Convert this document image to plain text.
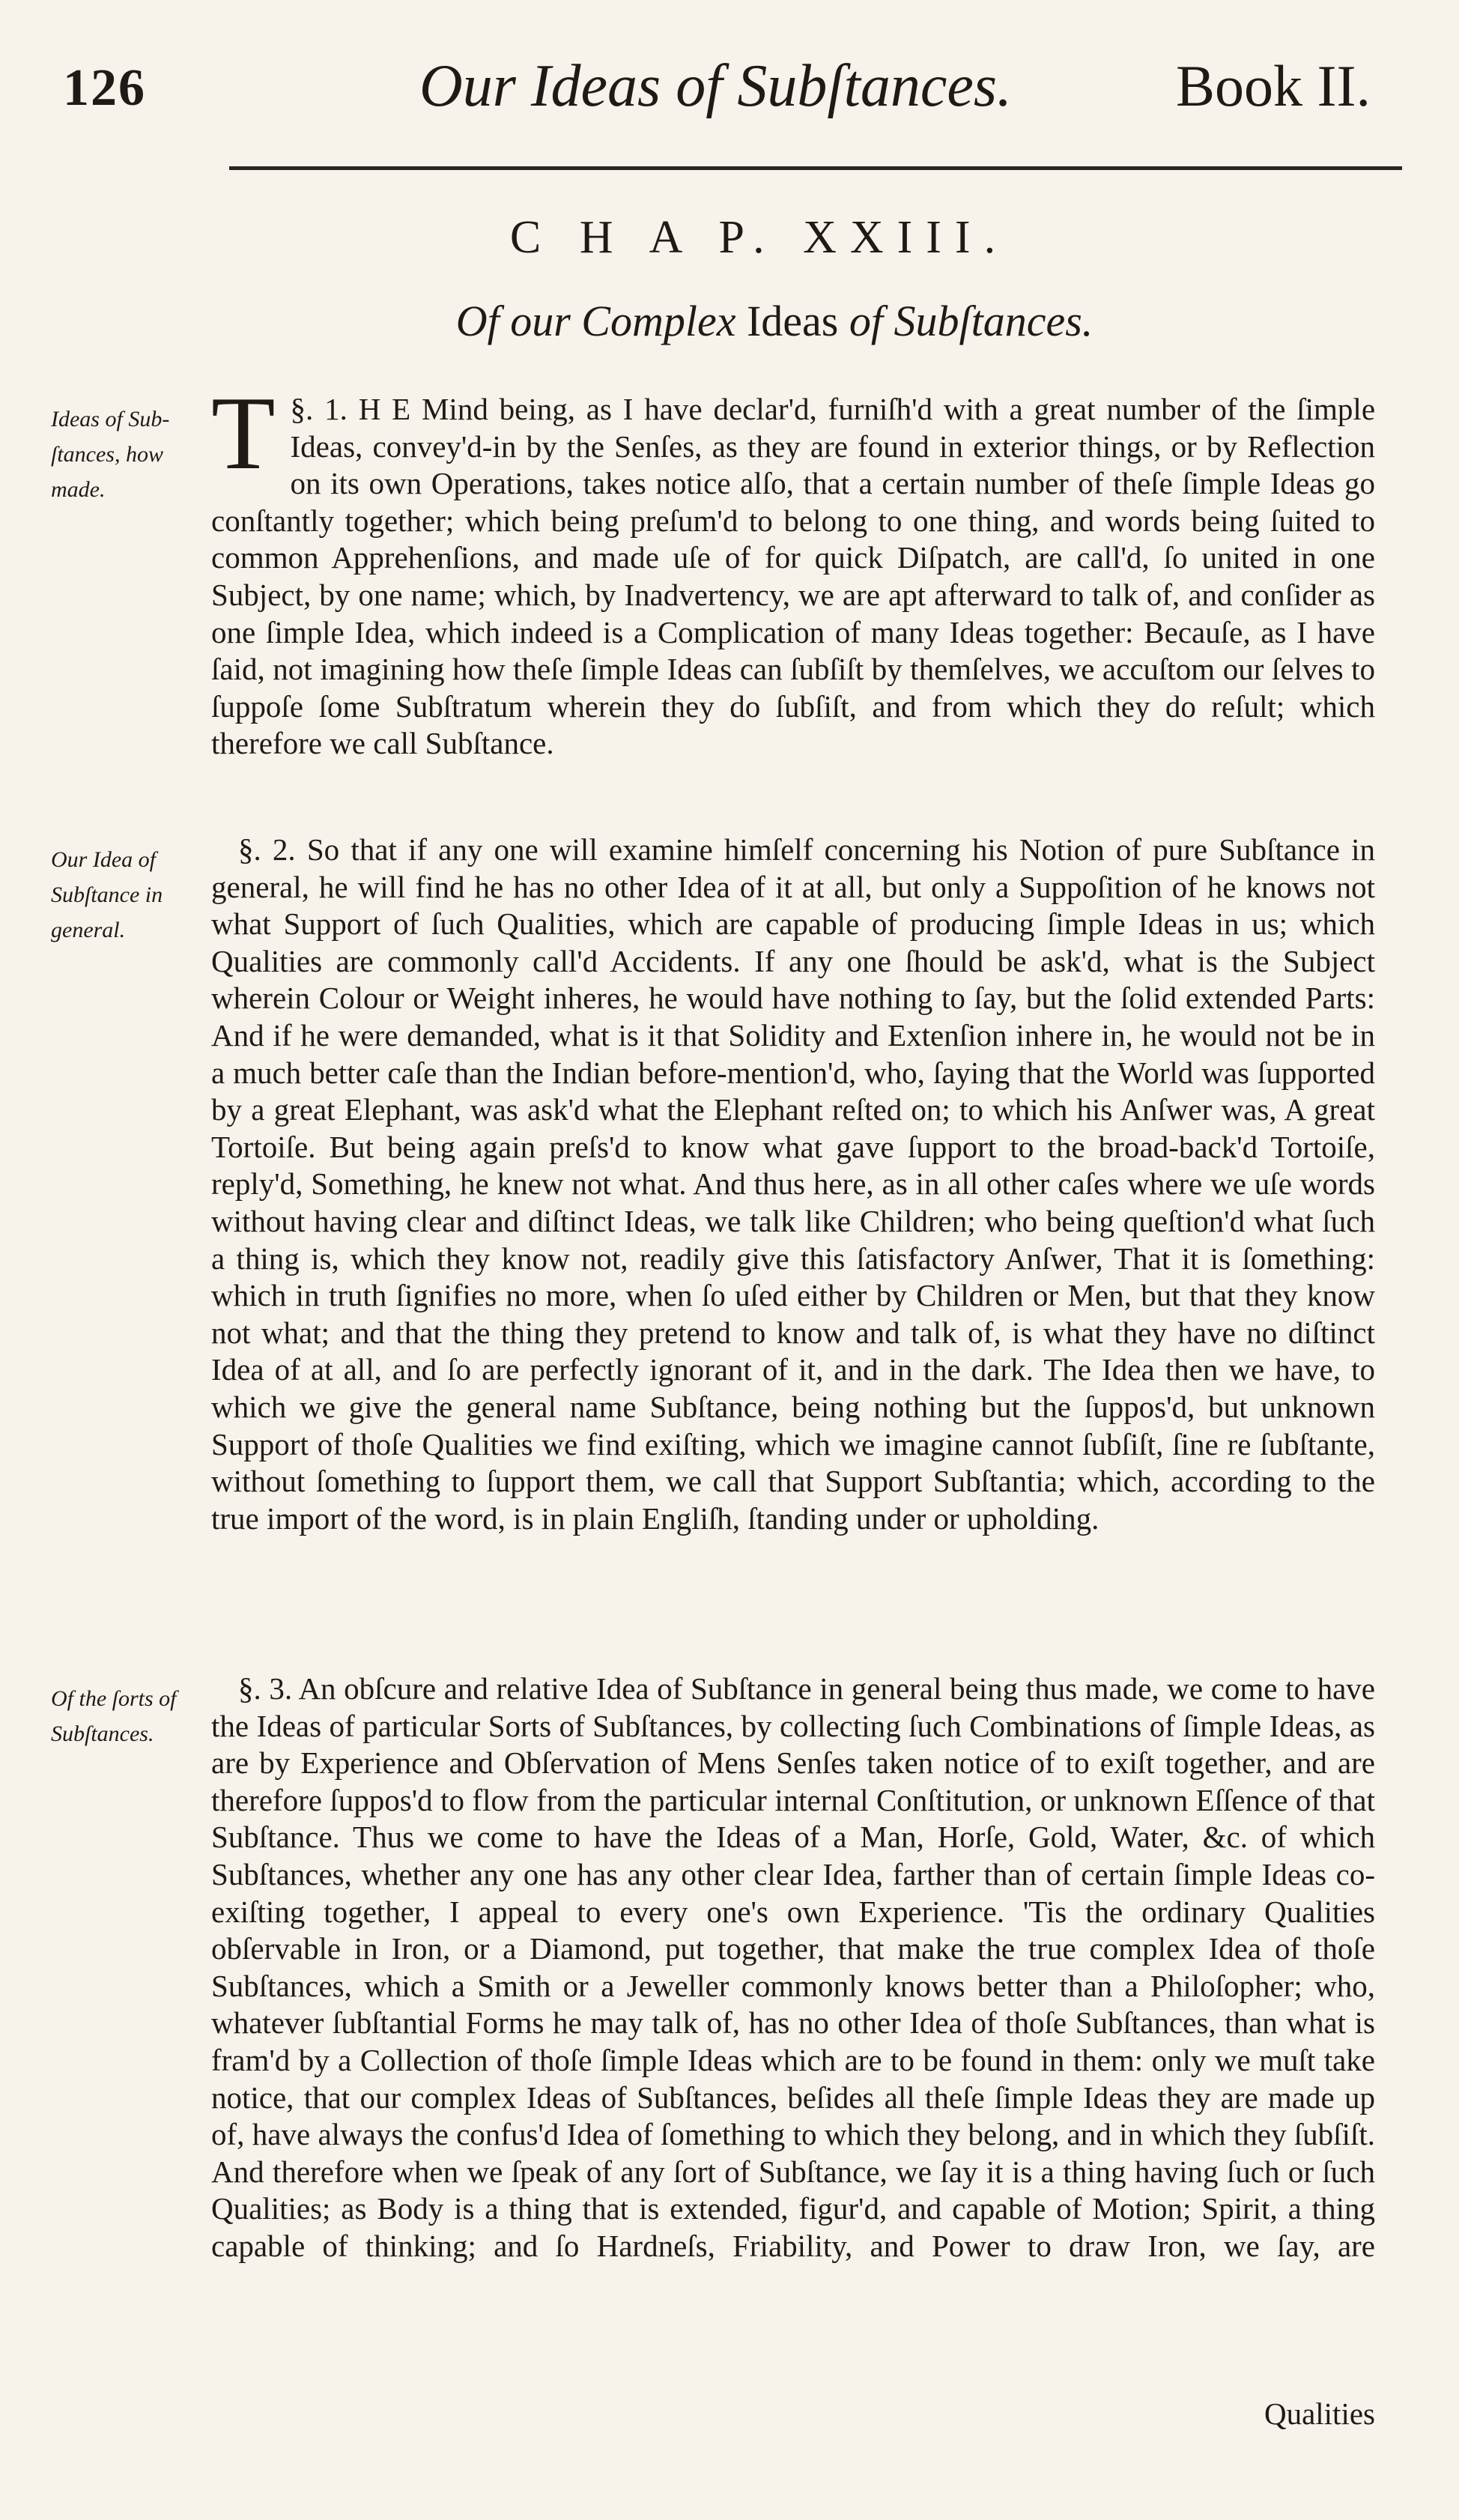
126	Our Ideas of Subſtances.	Book II.
C H A P. XXIII.
Of our Complex Ideas of Subſtances.
Ideas of Sub-ſtances, how made.
Our Idea of Subſtance in general.
Of the ſorts of Subſtances.
§. 1.
T	H E Mind being, as I have declar'd, furniſh'd with a great number of the ſimple Ideas, convey'd-in by the Senſes, as they are found in exterior things, or by Reflection on its own Operations, takes notice alſo, that a certain number of theſe ſimple Ideas go conſtantly together; which being preſum'd to belong to one thing, and words being ſuited to common Apprehenſions, and made uſe of for quick Diſpatch, are call'd, ſo united in one Subject, by one name; which, by Inadvertency, we are apt afterward to talk of, and conſider as one ſimple Idea, which indeed is a Complication of many Ideas together: Becauſe, as I have ſaid, not imagining how theſe ſimple Ideas can ſubſiſt by themſelves, we accuſtom our ſelves to ſuppoſe ſome Subſtratum wherein they do ſubſiſt, and from which they do reſult; which therefore we call Subſtance.
§. 2. So that if any one will examine himſelf concerning his Notion of pure Subſtance in general, he will find he has no other Idea of it at all, but only a Suppoſition of he knows not what Support of ſuch Qualities, which are capable of producing ſimple Ideas in us; which Qualities are commonly call'd Accidents. If any one ſhould be ask'd, what is the Subject wherein Colour or Weight inheres, he would have nothing to ſay, but the ſolid extended Parts: And if he were demanded, what is it that Solidity and Extenſion inhere in, he would not be in a much better caſe than the Indian before-mention'd, who, ſaying that the World was ſupported by a great Elephant, was ask'd what the Elephant reſted on; to which his Anſwer was, A great Tortoiſe. But being again preſs'd to know what gave ſupport to the broad-back'd Tortoiſe, reply'd, Something, he knew not what. And thus here, as in all other caſes where we uſe words without having clear and diſtinct Ideas, we talk like Children; who being queſtion'd what ſuch a thing is, which they know not, readily give this ſatisfactory Anſwer, That it is ſomething: which in truth ſignifies no more, when ſo uſed either by Children or Men, but that they know not what; and that the thing they pretend to know and talk of, is what they have no diſtinct Idea of at all, and ſo are perfectly ignorant of it, and in the dark. The Idea then we have, to which we give the general name Subſtance, being nothing but the ſuppos'd, but unknown Support of thoſe Qualities we find exiſting, which we imagine cannot ſubſiſt, ſine re ſubſtante, without ſomething to ſupport them, we call that Support Subſtantia; which, according to the true import of the word, is in plain Engliſh, ſtanding under or upholding.
§. 3. An obſcure and relative Idea of Subſtance in general being thus made, we come to have the Ideas of particular Sorts of Subſtances, by collecting ſuch Combinations of ſimple Ideas, as are by Experience and Obſervation of Mens Senſes taken notice of to exiſt together, and are therefore ſuppos'd to flow from the particular internal Conſtitution, or unknown Eſſence of that Subſtance. Thus we come to have the Ideas of a Man, Horſe, Gold, Water, &c. of which Subſtances, whether any one has any other clear Idea, farther than of certain ſimple Ideas co-exiſting together, I appeal to every one's own Experience. 'Tis the ordinary Qualities obſervable in Iron, or a Diamond, put together, that make the true complex Idea of thoſe Subſtances, which a Smith or a Jeweller commonly knows better than a Philoſopher; who, whatever ſubſtantial Forms he may talk of, has no other Idea of thoſe Subſtances, than what is fram'd by a Collection of thoſe ſimple Ideas which are to be found in them: only we muſt take notice, that our complex Ideas of Subſtances, beſides all theſe ſimple Ideas they are made up of, have always the confus'd Idea of ſomething to which they belong, and in which they ſubſiſt. And therefore when we ſpeak of any ſort of Subſtance, we ſay it is a thing having ſuch or ſuch Qualities; as Body is a thing that is extended, figur'd, and capable of Motion; Spirit, a thing capable of thinking; and ſo Hardneſs, Friability, and Power to draw Iron, we ſay, are
Qualities
